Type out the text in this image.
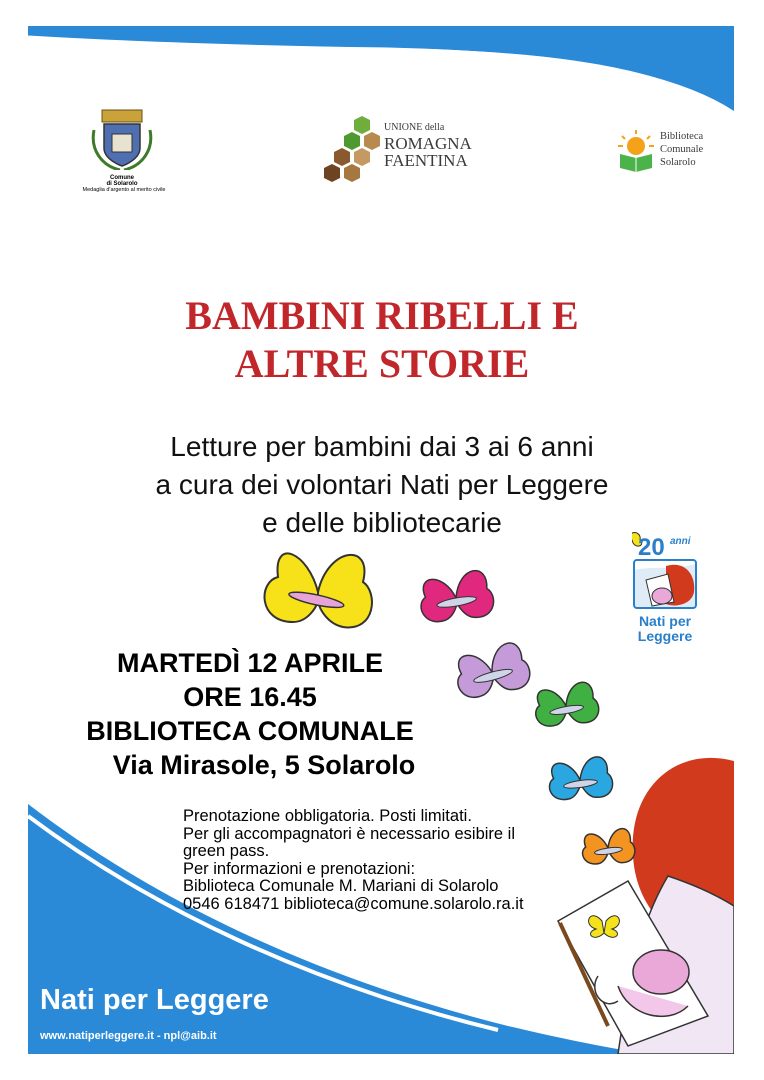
Comune
di Solarolo
Medaglia d'argento al merito civile
UNIONE della
ROMAGNA
FAENTINA
Biblioteca
Comunale
Solarolo
BAMBINI RIBELLI E
ALTRE STORIE
Letture per bambini dai 3 ai 6 anni
a cura dei volontari Nati per Leggere
e delle bibliotecarie
20 anni
Nati per
Leggere
MARTEDÌ 12 APRILE
ORE 16.45
BIBLIOTECA COMUNALE
Via Mirasole, 5 Solarolo
Prenotazione obbligatoria. Posti limitati.
Per gli accompagnatori è necessario esibire il
green pass.
Per informazioni e prenotazioni:
Biblioteca Comunale M. Mariani di Solarolo
0546 618471 biblioteca@comune.solarolo.ra.it
Nati per Leggere
www.natiperleggere.it - npl@aib.it
